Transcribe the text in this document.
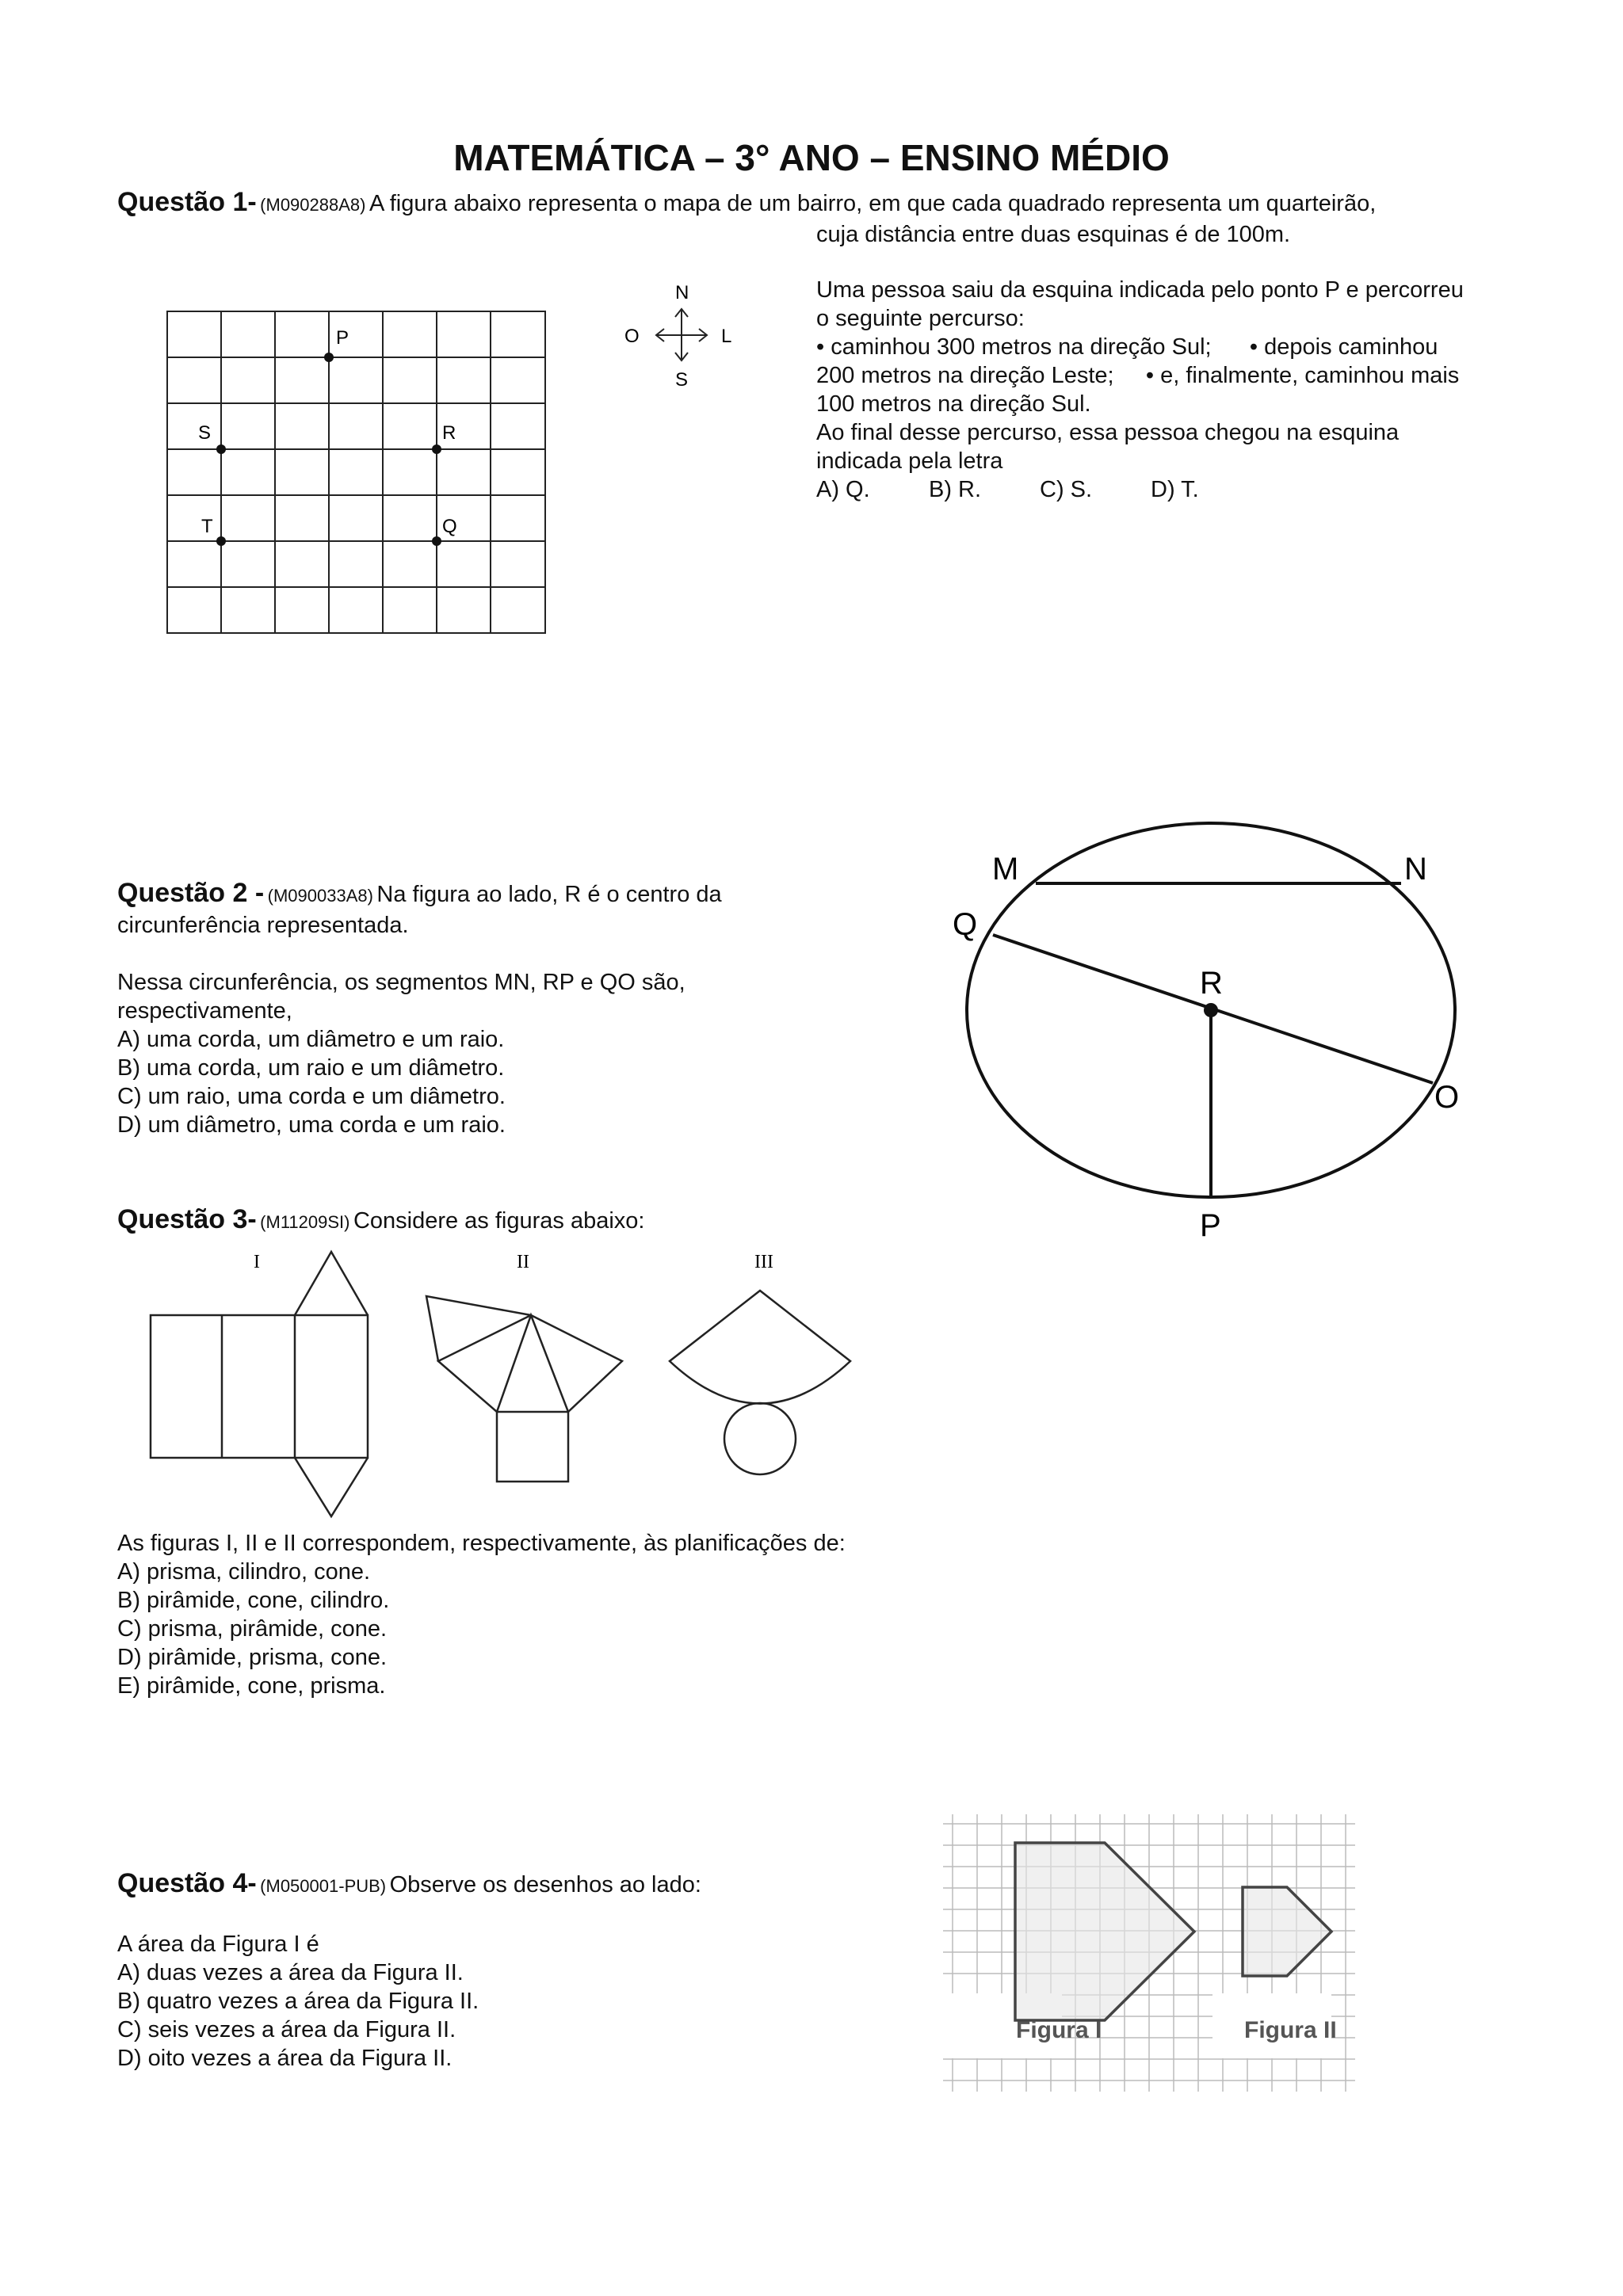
MATEMÁTICA – 3° ANO – ENSINO MÉDIO
Questão 1- (M090288A8) A figura abaixo representa o mapa de um bairro, em que cada quadrado representa um quarteirão,
cuja distância entre duas esquinas é de 100m.
P
S	R
T	Q
N
S
O	L
Uma pessoa saiu da esquina indicada pelo ponto P e percorreu
o seguinte percurso:
• caminhou 300 metros na direção Sul;      • depois caminhou
200 metros na direção Leste;     • e, finalmente, caminhou mais
100 metros na direção Sul.
Ao final desse percurso, essa pessoa chegou na esquina
indicada pela letra
A) Q.	B) R.	C) S.	D) T.
Questão 2 - (M090033A8) Na figura ao lado, R é o centro da
circunferência representada.
Nessa circunferência, os segmentos MN, RP e QO são,
respectivamente,
A) uma corda, um diâmetro e um raio.
B) uma corda, um raio e um diâmetro.
C) um raio, uma corda e um diâmetro.
D) um diâmetro, uma corda e um raio.
M	N
Q
R
O
P
Questão 3- (M11209SI) Considere as figuras abaixo:
I	II	III
As figuras I, II e II correspondem, respectivamente, às planificações de:
A) prisma, cilindro, cone.
B) pirâmide, cone, cilindro.
C) prisma, pirâmide, cone.
D) pirâmide, prisma, cone.
E) pirâmide, cone, prisma.
Questão 4- (M050001-PUB) Observe os desenhos ao lado:
A área da Figura I é
A) duas vezes a área da Figura II.
B) quatro vezes a área da Figura II.
C) seis vezes a área da Figura II.
D) oito vezes a área da Figura II.
Figura I	Figura II
